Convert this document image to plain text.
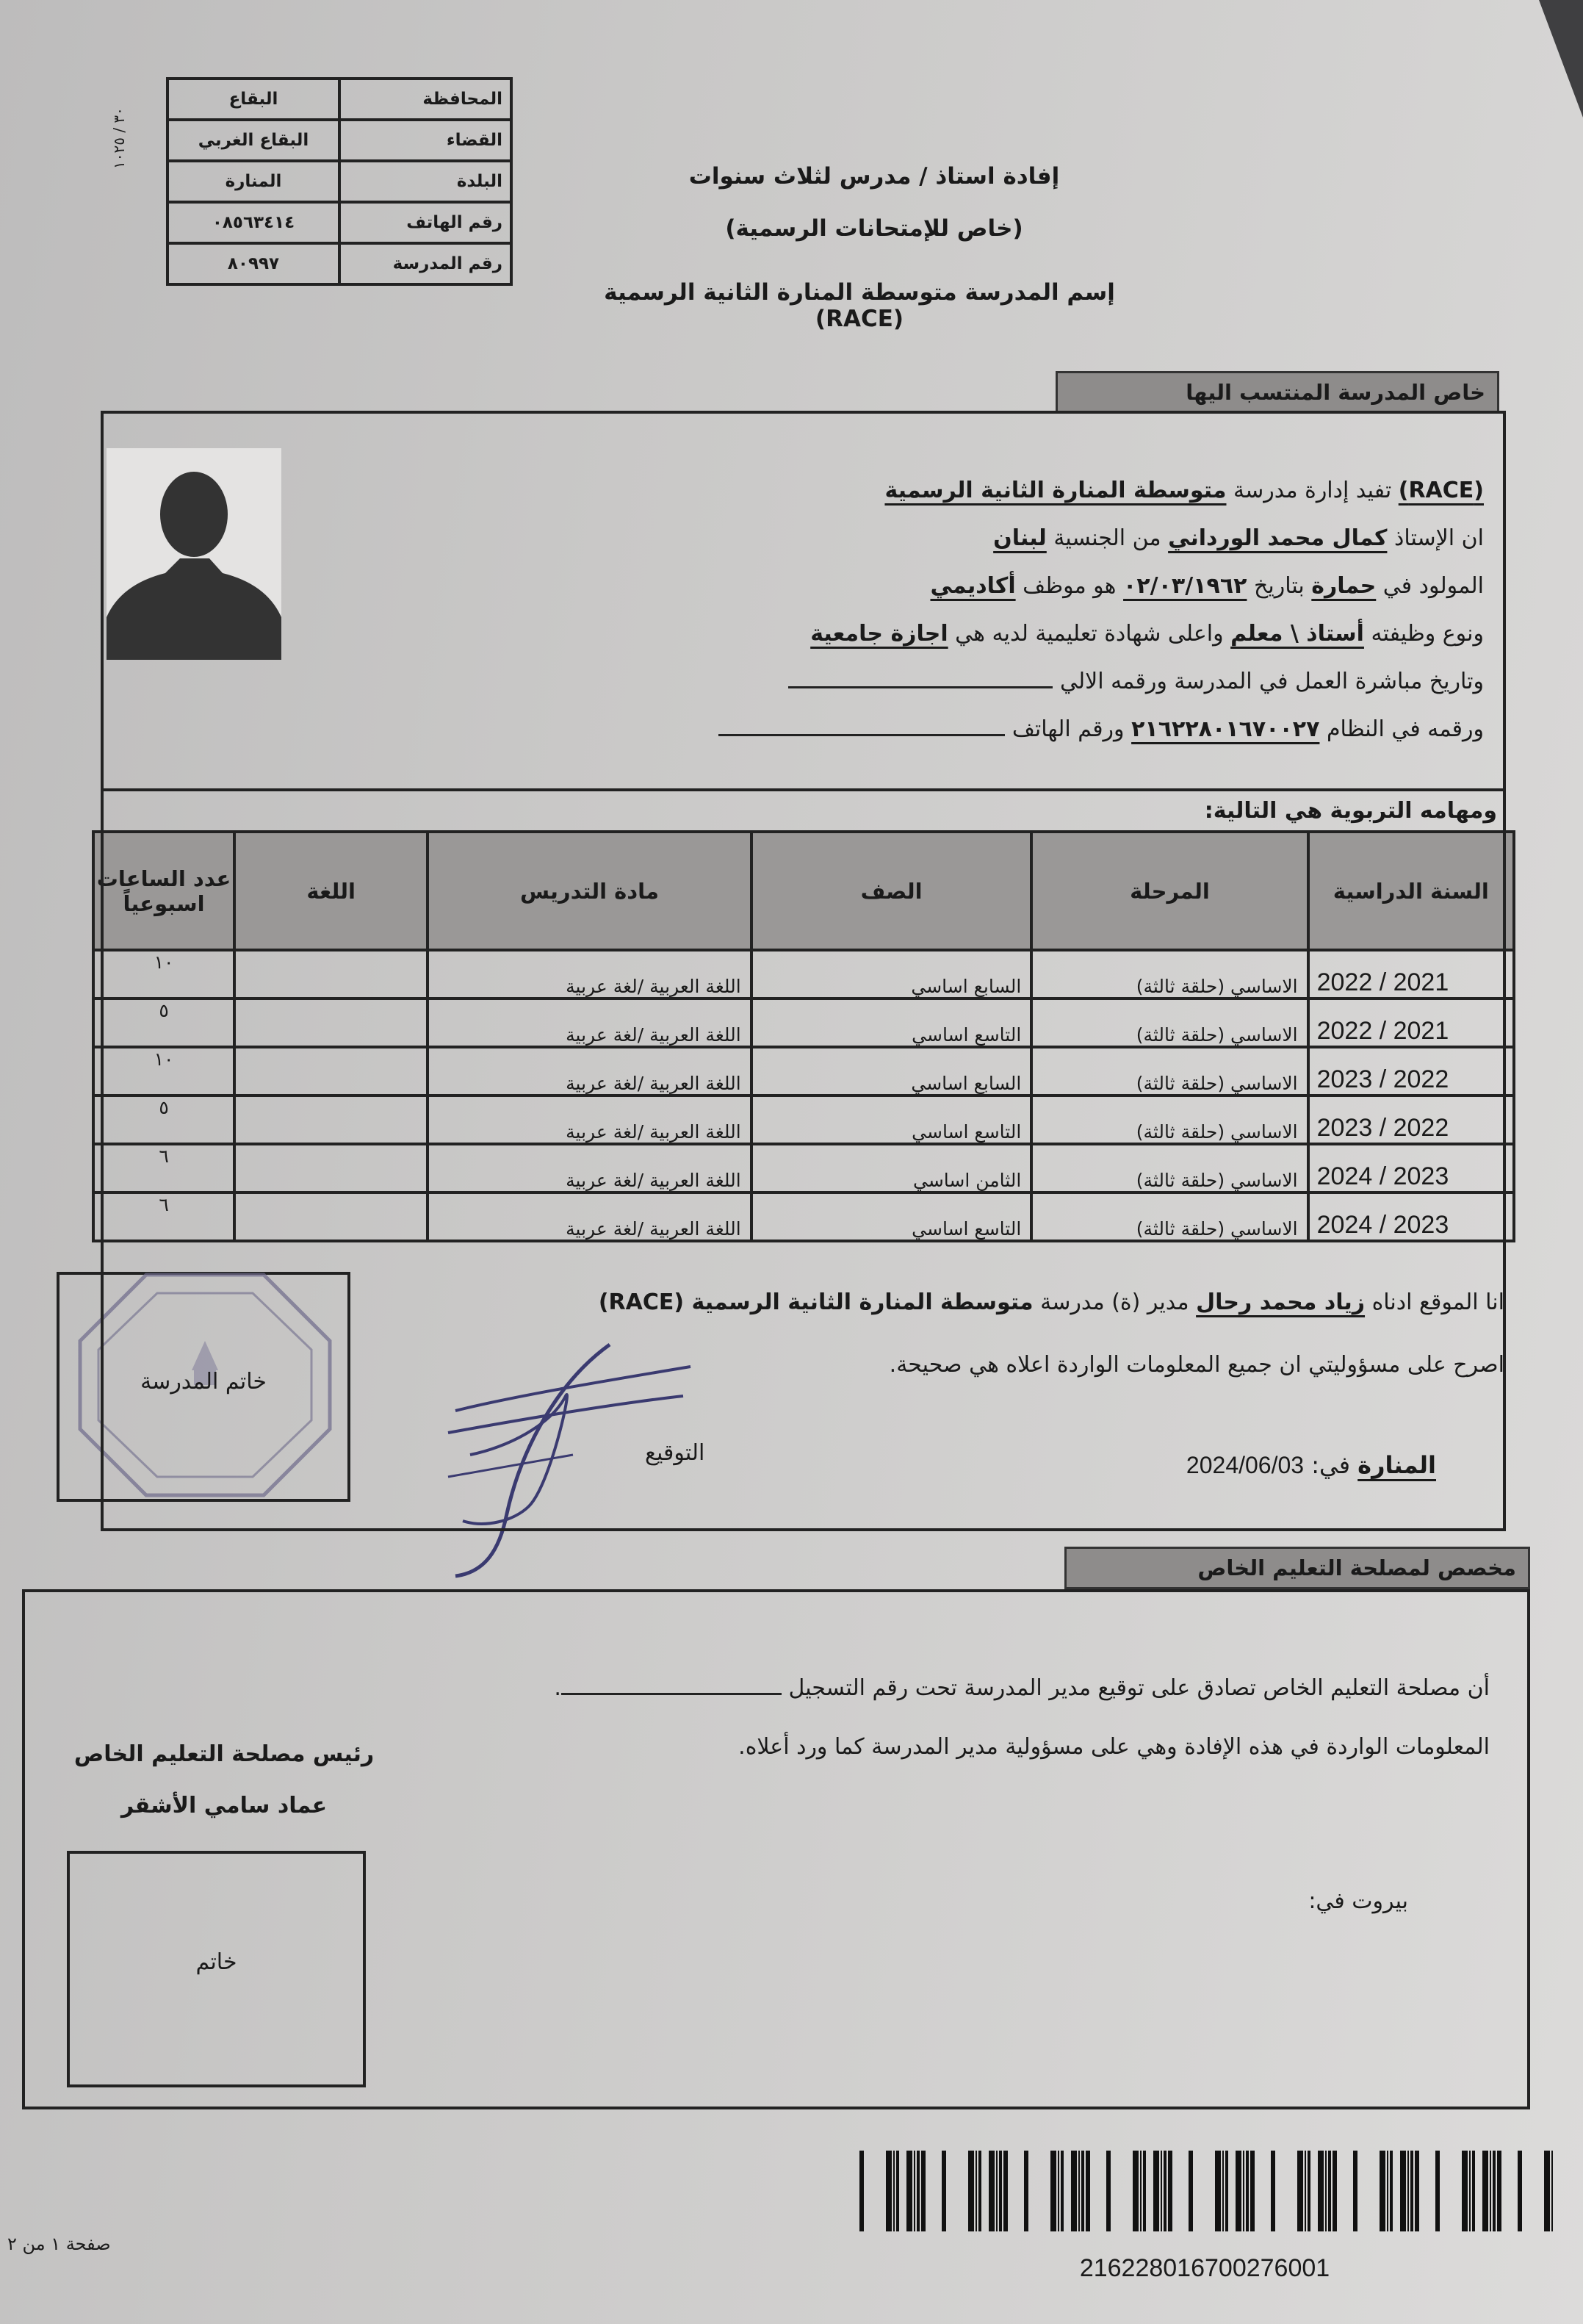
٣٠ / ١٠٢٥
المحافظة	البقاع
القضاء	البقاع الغربي
البلدة	المنارة
رقم الهاتف	٠٨٥٦٣٤١٤
رقم المدرسة	٨٠٩٩٧
إفادة استاذ / مدرس لثلاث سنوات
(خاص للإمتحانات الرسمية)
إسم المدرسة متوسطة المنارة الثانية الرسمية (RACE)
خاص المدرسة المنتسب اليها
(RACE) تفيد إدارة مدرسة متوسطة المنارة الثانية الرسمية
ان الإستاذ كمال محمد الورداني من الجنسية لبنان
المولود في حمارة بتاريخ ٠٢/٠٣/١٩٦٢ هو موظف أكاديمي
ونوع وظيفته أستاذ \ معلم واعلى شهادة تعليمية لديه هي اجازة جامعية
وتاريخ مباشرة العمل في المدرسة ورقمه الالي
ورقمه في النظام ٢١٦٢٢٨٠١٦٧٠٠٢٧ ورقم الهاتف
ومهامه التربوية هي التالية:
السنة الدراسية	المرحلة	الصف	مادة التدريس	اللغة	عدد الساعات اسبوعياً
2021 / 2022	الاساسي (حلقة ثالثة)	السابع اساسي	اللغة العربية /لغة عربية		١٠
2021 / 2022	الاساسي (حلقة ثالثة)	التاسع اساسي	اللغة العربية /لغة عربية		٥
2022 / 2023	الاساسي (حلقة ثالثة)	السابع اساسي	اللغة العربية /لغة عربية		١٠
2022 / 2023	الاساسي (حلقة ثالثة)	التاسع اساسي	اللغة العربية /لغة عربية		٥
2023 / 2024	الاساسي (حلقة ثالثة)	الثامن اساسي	اللغة العربية /لغة عربية		٦
2023 / 2024	الاساسي (حلقة ثالثة)	التاسع اساسي	اللغة العربية /لغة عربية		٦
خاتم المدرسة
انا الموقع ادناه زياد محمد رحال مدير (ة) مدرسة متوسطة المنارة الثانية الرسمية (RACE)
اصرح على مسؤوليتي ان جميع المعلومات الواردة اعلاه هي صحيحة.
التوقيع	المنارة في: 2024/06/03
مخصص لمصلحة التعليم الخاص
أن مصلحة التعليم الخاص تصادق على توقيع مدير المدرسة تحت رقم التسجيل .
المعلومات الواردة في هذه الإفادة وهي على مسؤولية مدير المدرسة كما ورد أعلاه.
رئيس مصلحة التعليم الخاص
عماد سامي الأشقر
خاتم
بيروت في:
216228016700276001
صفحة ١ من ٢
